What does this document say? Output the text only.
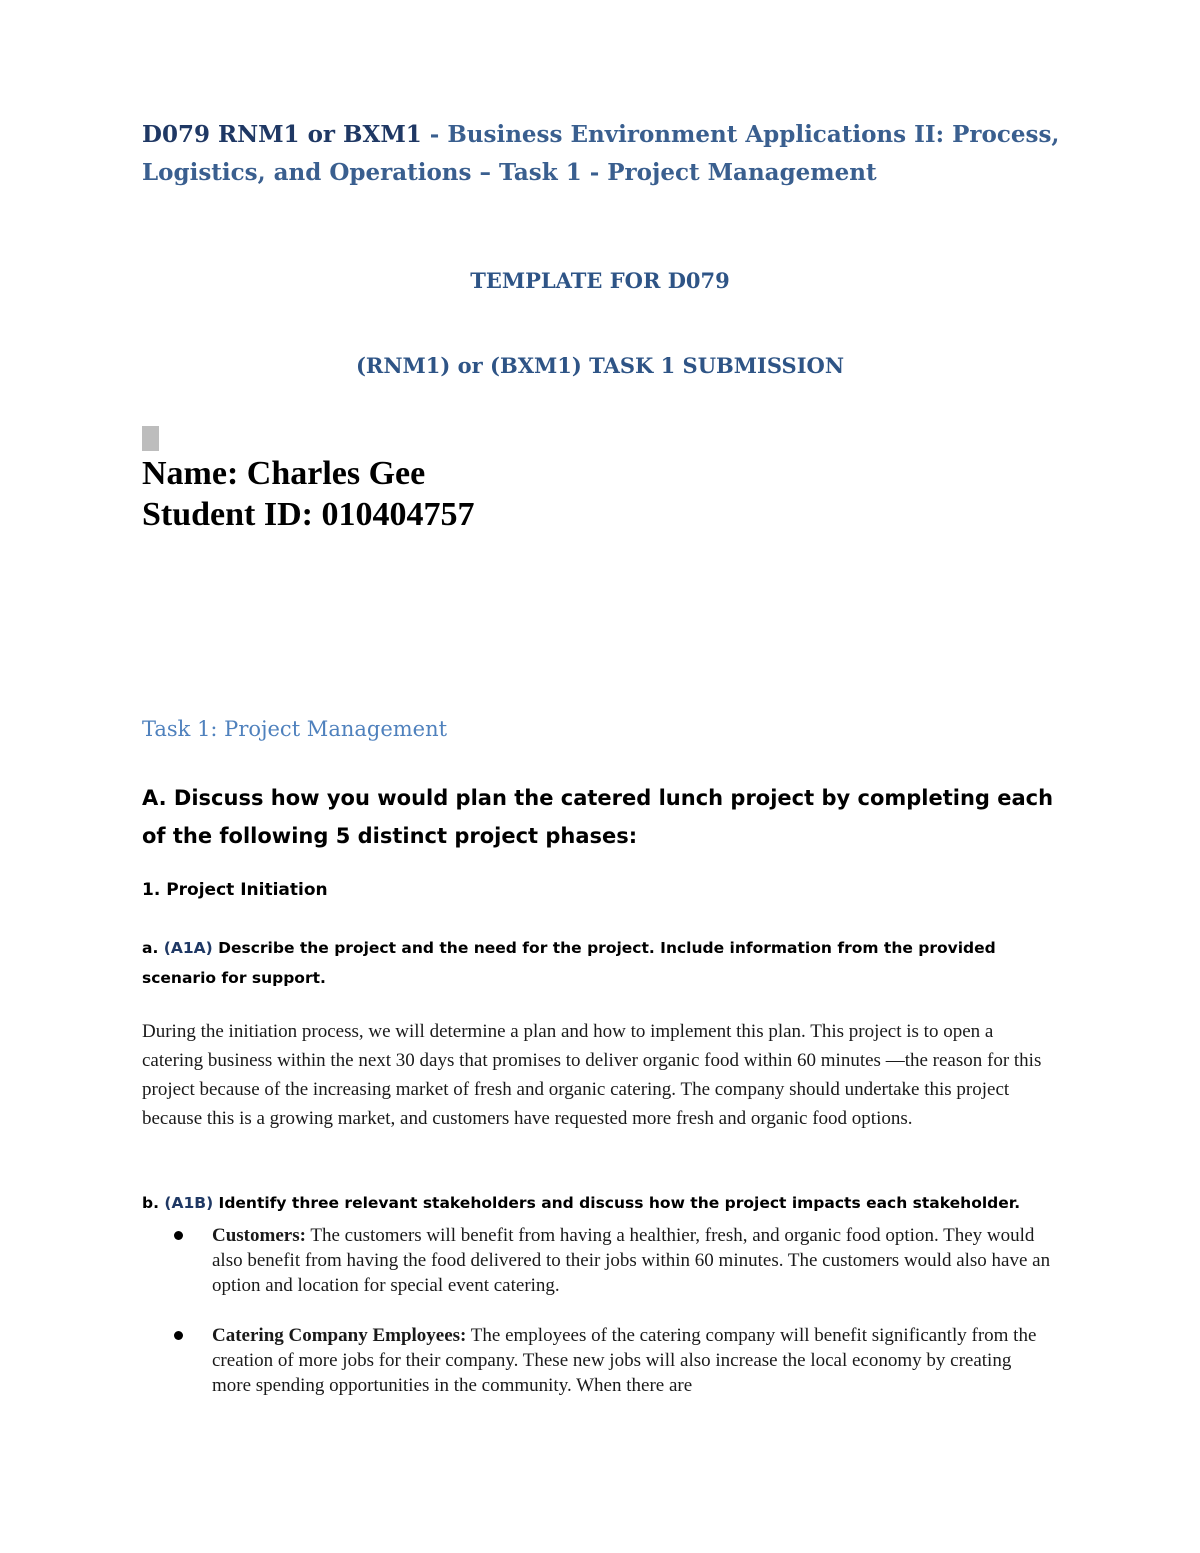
D079 RNM1 or BXM1 - Business Environment Applications II: Process, Logistics, and Operations – Task 1 - Project Management

TEMPLATE FOR D079

(RNM1) or (BXM1) TASK 1 SUBMISSION

Name: Charles Gee

Student ID: 010404757

Task 1: Project Management
A. Discuss how you would plan the catered lunch project by completing each of the following 5 distinct project phases:
1. Project Initiation

a. (A1A) Describe the project and the need for the project. Include information from the provided scenario for support.

During the initiation process, we will determine a plan and how to implement this plan. This project is to open a catering business within the next 30 days that promises to deliver organic food within 60 minutes —the reason for this project because of the increasing market of fresh and organic catering. The company should undertake this project because this is a growing market, and customers have requested more fresh and organic food options.

b. (A1B) Identify three relevant stakeholders and discuss how the project impacts each stakeholder.

Customers: The customers will benefit from having a healthier, fresh, and organic food option. They would also benefit from having the food delivered to their jobs within 60 minutes. The customers would also have an option and location for special event catering.
Catering Company Employees: The employees of the catering company will benefit significantly from the creation of more jobs for their company. These new jobs will also increase the local economy by creating more spending opportunities in the community. When there are
